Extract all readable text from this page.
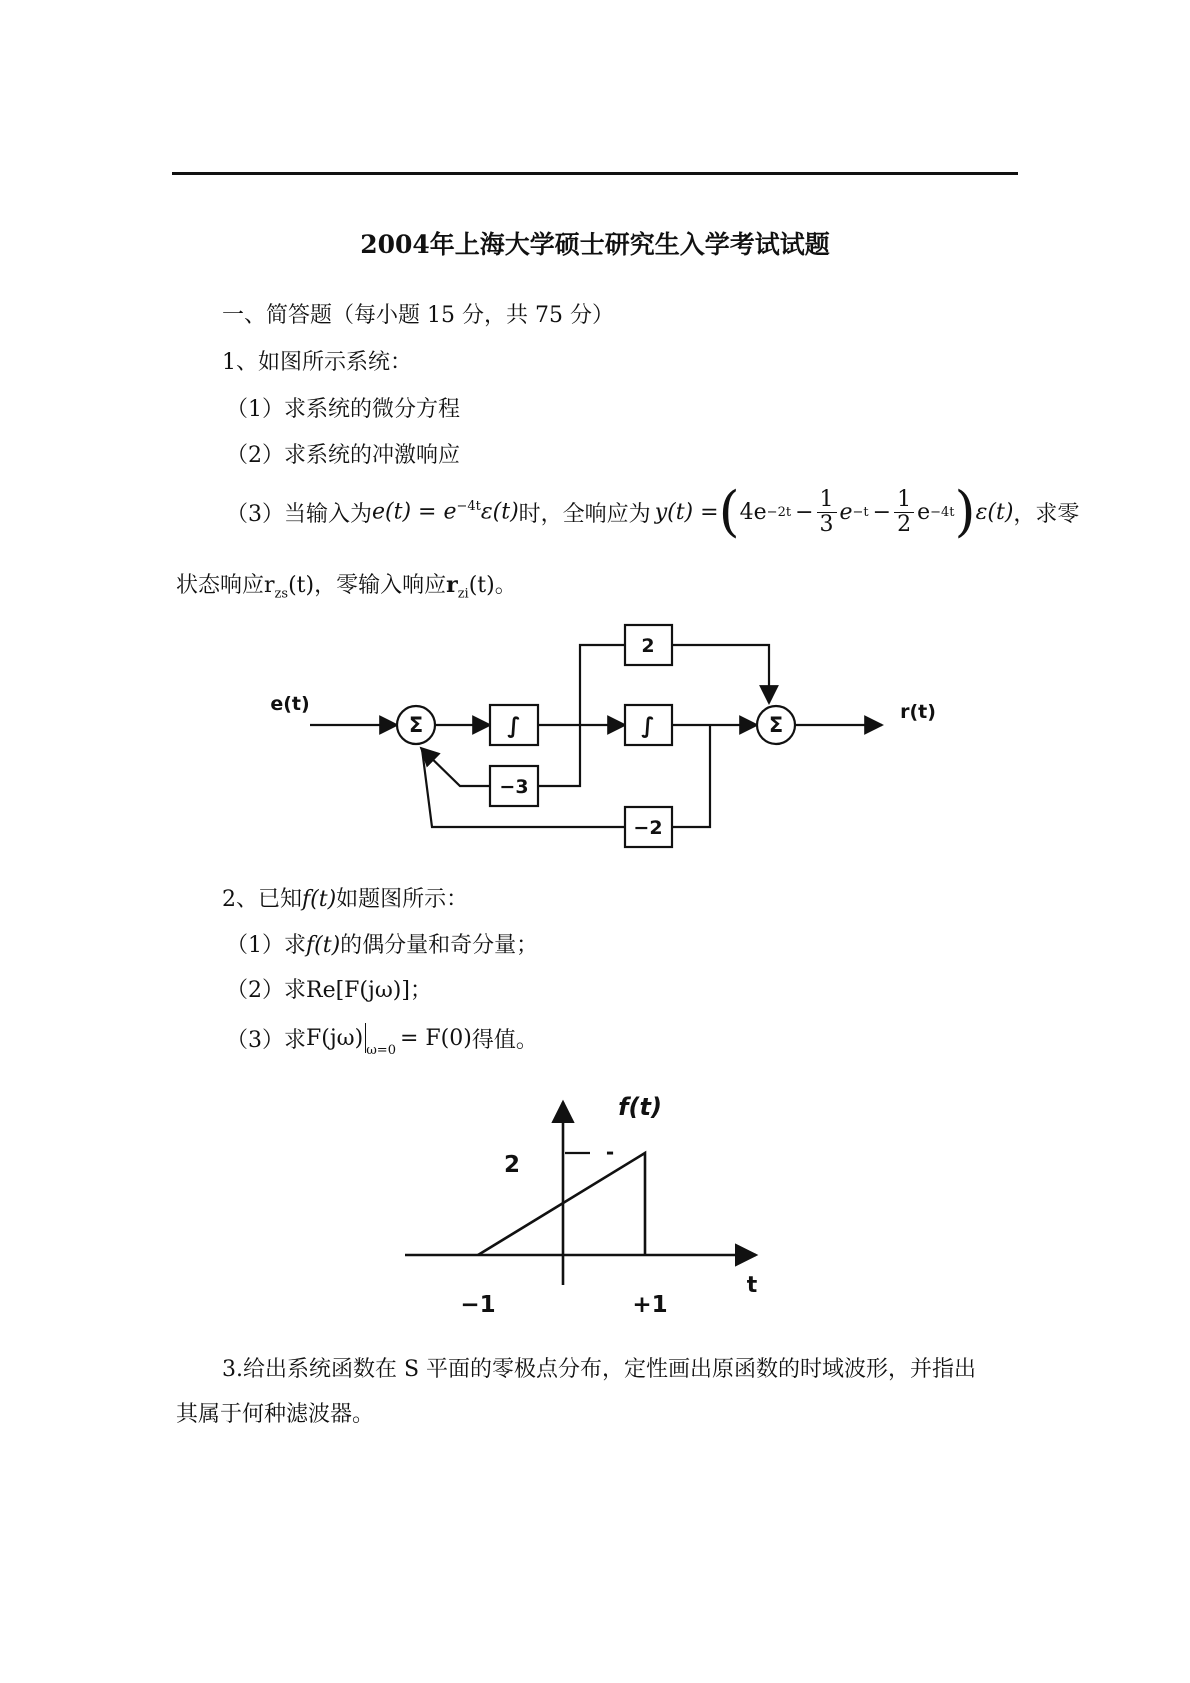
2004年上海大学硕士研究生入学考试试题
一、简答题（每小题 15 分，共 75 分）
1、如图所示系统：
（1）求系统的微分方程
（2）求系统的冲激响应
（3）当输入为 $e(t) = e^{-4t}\varepsilon(t)$ 时，全响应为 y(t) = ( $4e -2t - \frac{1}{3}$ $e -t - \frac{1}{2}$ e −4t ) ε(t) ，求零
状态响应$r_{zs}(t)$，零输入响应$r_{zi}(t)$。
e(t)	r(t)
Σ	Σ
∫	∫
2
−3
−2
2、已知f(t)如题图所示：
（1）求f(t)的偶分量和奇分量；
（2）求Re[F(jω)]；
（3）求 $F(j\omega)_{\omega=0} = F(0)$ 得值。
f(t)
t
2	-
−1	+1
3.给出系统函数在 S 平面的零极点分布，定性画出原函数的时域波形，并指出
其属于何种滤波器。
